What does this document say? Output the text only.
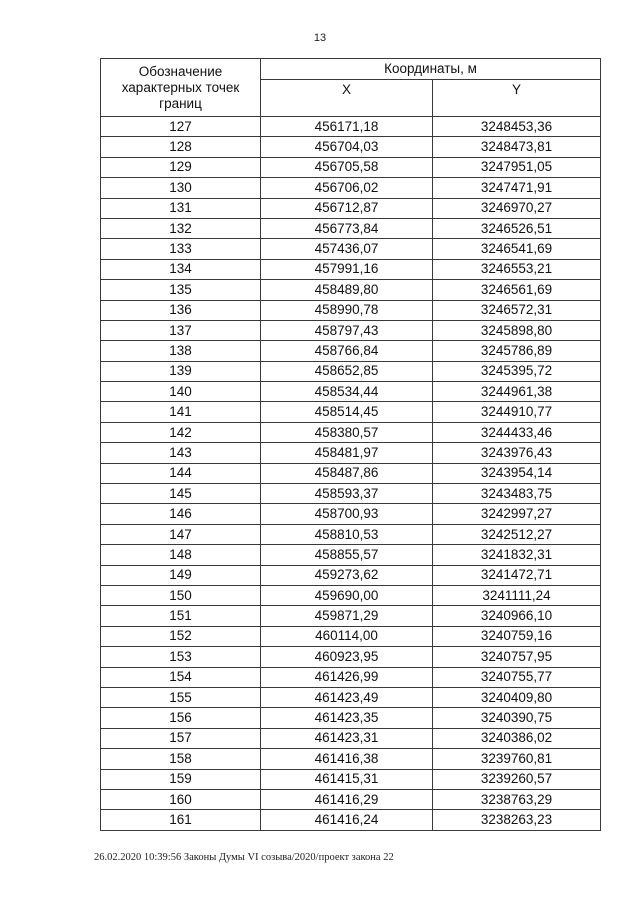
13
Обозначение характерных точек границ	Координаты, м	
	X	Y
127	456171,18	3248453,36
128	456704,03	3248473,81
129	456705,58	3247951,05
130	456706,02	3247471,91
131	456712,87	3246970,27
132	456773,84	3246526,51
133	457436,07	3246541,69
134	457991,16	3246553,21
135	458489,80	3246561,69
136	458990,78	3246572,31
137	458797,43	3245898,80
138	458766,84	3245786,89
139	458652,85	3245395,72
140	458534,44	3244961,38
141	458514,45	3244910,77
142	458380,57	3244433,46
143	458481,97	3243976,43
144	458487,86	3243954,14
145	458593,37	3243483,75
146	458700,93	3242997,27
147	458810,53	3242512,27
148	458855,57	3241832,31
149	459273,62	3241472,71
150	459690,00	3241111,24
151	459871,29	3240966,10
152	460114,00	3240759,16
153	460923,95	3240757,95
154	461426,99	3240755,77
155	461423,49	3240409,80
156	461423,35	3240390,75
157	461423,31	3240386,02
158	461416,38	3239760,81
159	461415,31	3239260,57
160	461416,29	3238763,29
161	461416,24	3238263,23
26.02.2020 10:39:56 Законы Думы VI созыва/2020/проект закона 22
